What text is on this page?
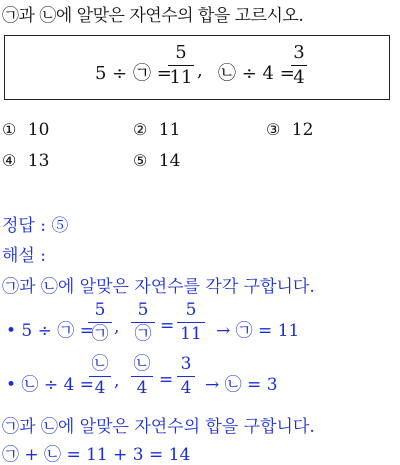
㉠과 ㉡에 알맞은 자연수의 합을 고르시오.
5 ÷ ㉠ =
5
11 , ㉡ ÷ 4 =
3
4
① 10	② 11	③ 12
④ 13	⑤ 14
정답 : ⑤
해설 :
㉠과 ㉡에 알맞은 자연수를 각각 구합니다.
• 5 ÷ ㉠ =
5
㉠ ,
5
㉠ =
5
11 → ㉠ = 11
• ㉡ ÷ 4 =
㉡
4 ,
㉡
4 =
3
4 → ㉡ = 3
㉠과 ㉡에 알맞은 자연수의 합을 구합니다.
㉠ + ㉡ = 11 + 3 = 14
